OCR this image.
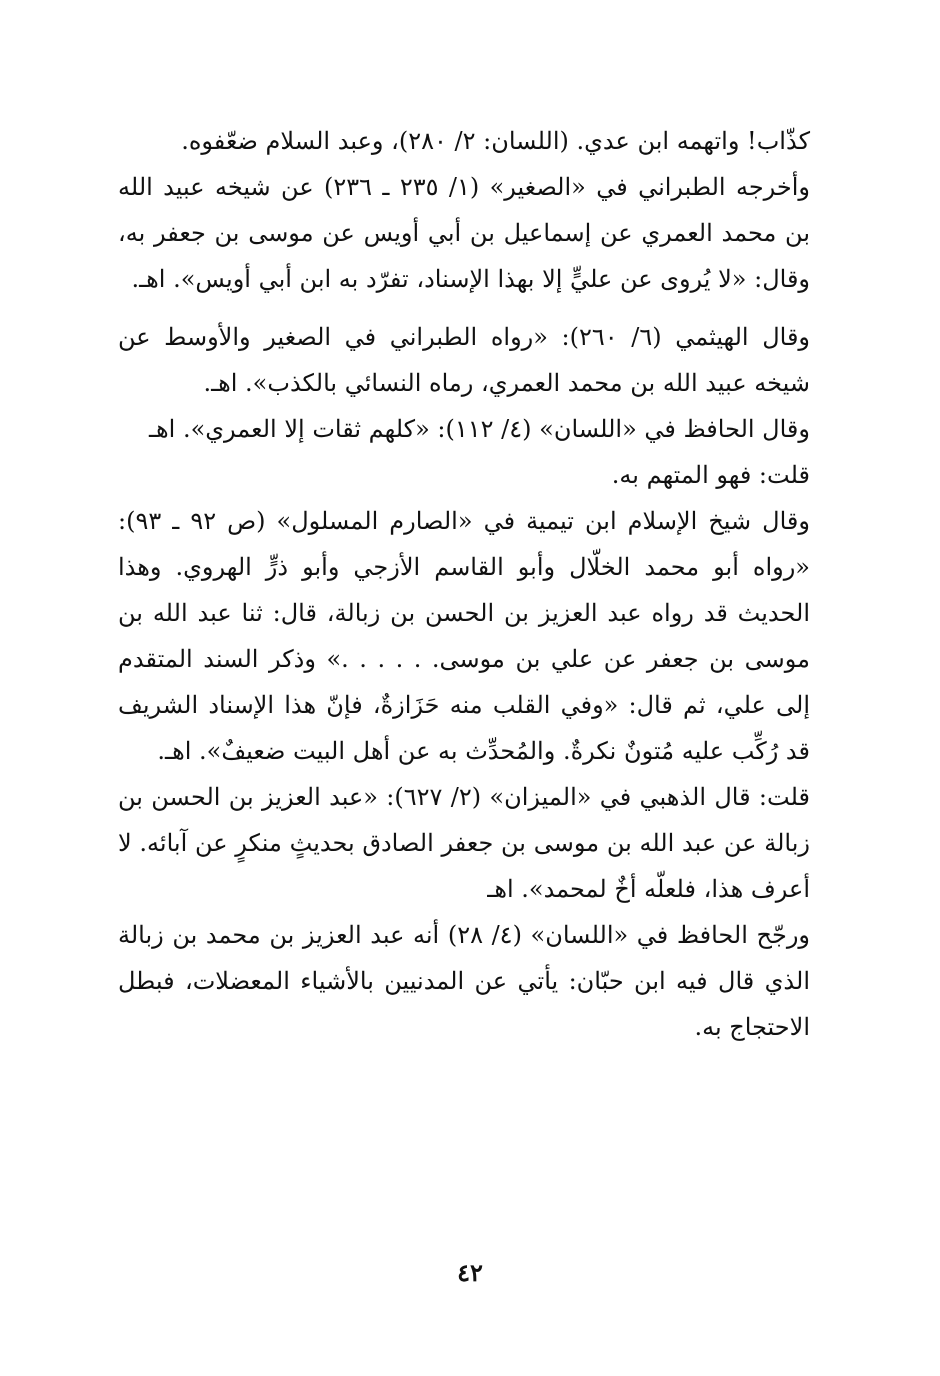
كذّاب! واتهمه ابن عدي. (اللسان: ٢/ ٢٨٠)، وعبد السلام ضعّفوه.

وأخرجه الطبراني في «الصغير» (١/ ٢٣٥ ـ ٢٣٦) عن شيخه عبيد الله بن محمد العمري عن إسماعيل بن أبي أويس عن موسى بن جعفر به، وقال: «لا يُروى عن عليٍّ إلا بهذا الإسناد، تفرّد به ابن أبي أويس». اهـ.

وقال الهيثمي (٦/ ٢٦٠): «رواه الطبراني في الصغير والأوسط عن شيخه عبيد الله بن محمد العمري، رماه النسائي بالكذب». اهـ.

وقال الحافظ في «اللسان» (٤/ ١١٢): «كلهم ثقات إلا العمري». اهـ

قلت: فهو المتهم به.

وقال شيخ الإسلام ابن تيمية في «الصارم المسلول» (ص ٩٢ ـ ٩٣): «رواه أبو محمد الخلّال وأبو القاسم الأزجي وأبو ذرٍّ الهروي. وهذا الحديث قد رواه عبد العزيز بن الحسن بن زبالة، قال: ثنا عبد الله بن موسى بن جعفر عن علي بن موسى. . . . . .» وذكر السند المتقدم إلى علي، ثم قال: «وفي القلب منه حَزَازةٌ، فإنّ هذا الإسناد الشريف قد رُكِّب عليه مُتونٌ نكرةٌ. والمُحدِّث به عن أهل البيت ضعيفٌ». اهـ.

قلت: قال الذهبي في «الميزان» (٢/ ٦٢٧): «عبد العزيز بن الحسن بن زبالة عن عبد الله بن موسى بن جعفر الصادق بحديثٍ منكرٍ عن آبائه. لا أعرف هذا، فلعلّه أخٌ لمحمد». اهـ

ورجّح الحافظ في «اللسان» (٤/ ٢٨) أنه عبد العزيز بن محمد بن زبالة الذي قال فيه ابن حبّان: يأتي عن المدنيين بالأشياء المعضلات، فبطل الاحتجاج به.

٤٢
